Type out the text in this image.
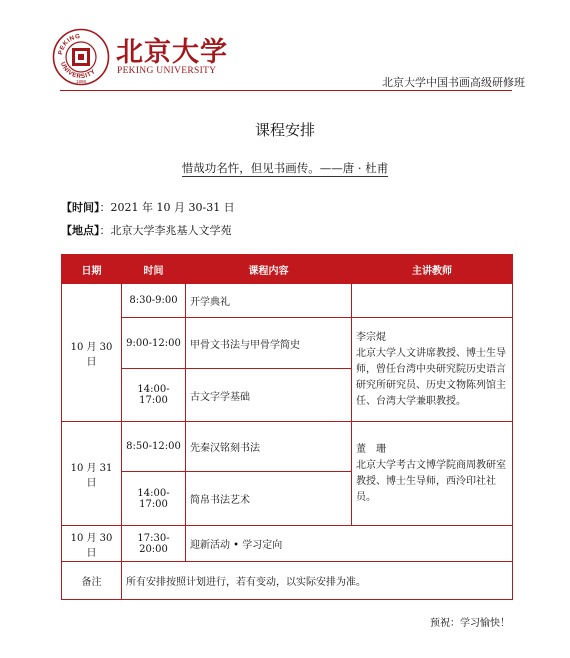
PEKING
UNIVERSITY
1898
北京大学
PEKING UNIVERSITY
北京大学中国书画高级研修班
课程安排
惜哉功名忤，但见书画传。——唐 · 杜甫
【时间】：2021 年 10 月 30-31 日
【地点】：北京大学李兆基人文学苑
日期	时间	课程内容	主讲教师
10 月 30 日	8:30-9:00	开学典礼	
	9:00-12:00	甲骨文书法与甲骨学简史	李宗焜
北京大学人文讲席教授、博士生导师，曾任台湾中央研究院历史语言研究所研究员、历史文物陈列馆主任、台湾大学兼职教授。
	14:00-17:00	古文字学基础	
10 月 31 日	8:50-12:00	先秦汉铭刻书法	董　珊
北京大学考古文博学院商周教研室教授、博士生导师，西泠印社社员。
	14:00-17:00	简帛书法艺术	
10 月 30 日	17:30-20:00	迎新活动 • 学习定向	
备注	所有安排按照计划进行，若有变动，以实际安排为准。		
预祝：学习愉快！
